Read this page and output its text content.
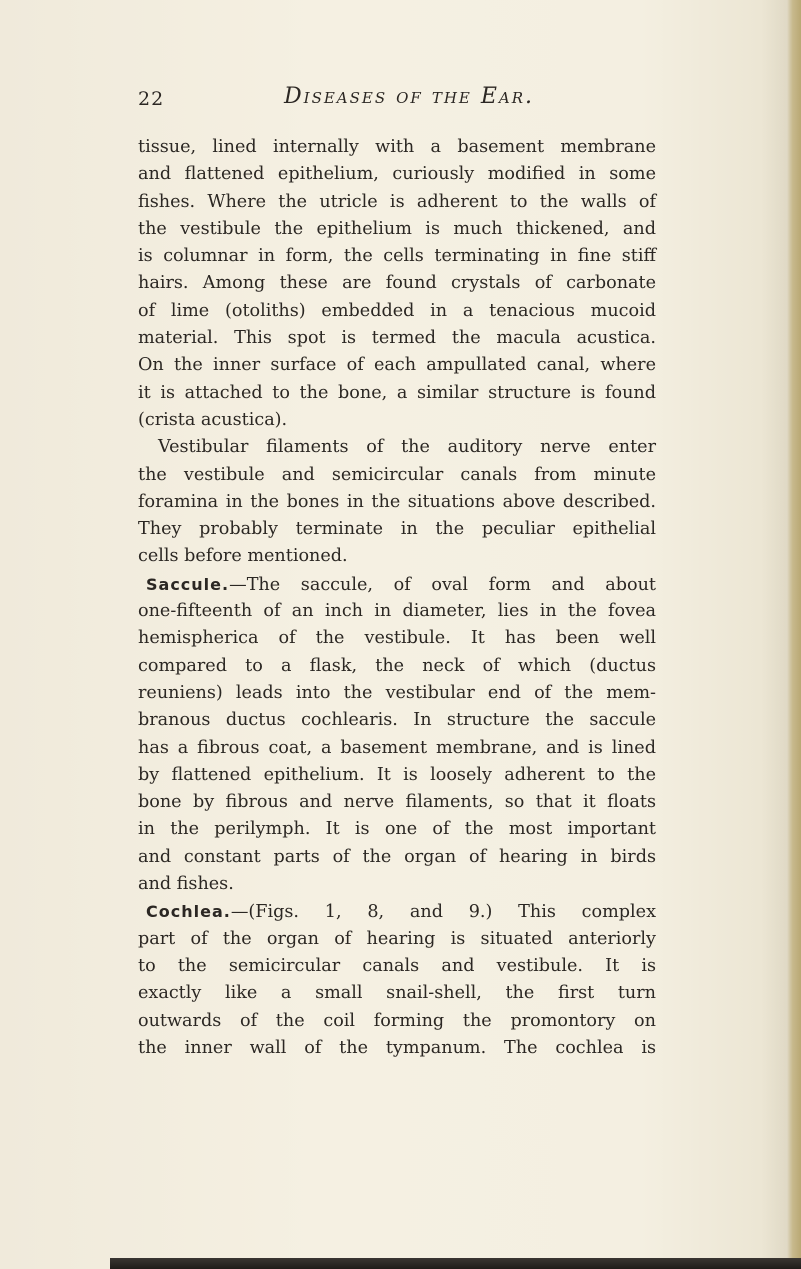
22	Diseases of the Ear.
tissue, lined internally with a basement membrane
and flattened epithelium, curiously modified in some
fishes. Where the utricle is adherent to the walls of
the vestibule the epithelium is much thickened, and
is columnar in form, the cells terminating in fine stiff
hairs. Among these are found crystals of carbonate
of lime (otoliths) embedded in a tenacious mucoid
material. This spot is termed the macula acustica.
On the inner surface of each ampullated canal, where
it is attached to the bone, a similar structure is found
(crista acustica).
Vestibular filaments of the auditory nerve enter
the vestibule and semicircular canals from minute
foramina in the bones in the situations above described.
They probably terminate in the peculiar epithelial
cells before mentioned.
Saccule.—The saccule, of oval form and about
one-fifteenth of an inch in diameter, lies in the fovea
hemispherica of the vestibule. It has been well
compared to a flask, the neck of which (ductus
reuniens) leads into the vestibular end of the mem-
branous ductus cochlearis. In structure the saccule
has a fibrous coat, a basement membrane, and is lined
by flattened epithelium. It is loosely adherent to the
bone by fibrous and nerve filaments, so that it floats
in the perilymph. It is one of the most important
and constant parts of the organ of hearing in birds
and fishes.
Cochlea.—(Figs. 1, 8, and 9.) This complex
part of the organ of hearing is situated anteriorly
to the semicircular canals and vestibule. It is
exactly like a small snail-shell, the first turn
outwards of the coil forming the promontory on
the inner wall of the tympanum. The cochlea is
